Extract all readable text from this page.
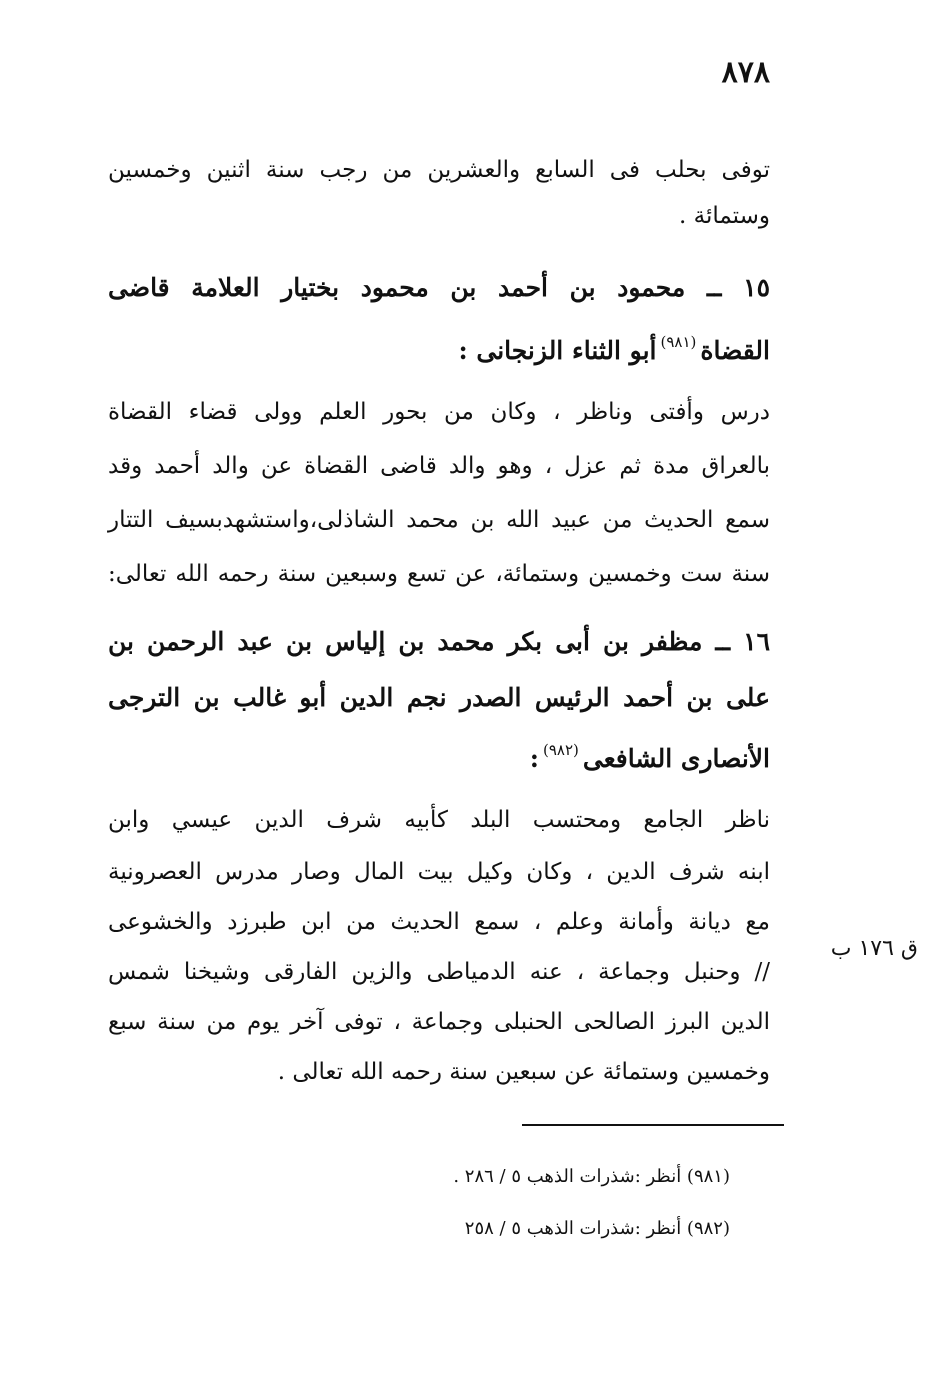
٨٧٨
توفى بحلب فى السابع والعشرين من رجب سنة اثنين وخمسين
وستمائة .
١٥ ــ محمود بن أحمد بن محمود بختيار العلامة قاضى
القضاة$^{(٩٨١)}$أبو الثناء الزنجانى :
درس وأفتى وناظر ، وكان من بحور العلم وولى قضاء القضاة
بالعراق مدة ثم عزل ، وهو والد قاضى القضاة عن والد أحمد وقد
سمع الحديث من عبيد الله بن محمد الشاذلى،واستشهدبسيف التتار
سنة ست وخمسين وستمائة، عن تسع وسبعين سنة رحمه الله تعالى:
١٦ ــ مظفر بن أبى بكر محمد بن إلياس بن عبد الرحمن بن
على بن أحمد الرئيس الصدر نجم الدين أبو غالب بن الترجى
الأنصارى الشافعى$^{(٩٨٢)}$:
ناظر الجامع ومحتسب البلد كأبيه شرف الدين عيسي وابن
ابنه شرف الدين ، وكان وكيل بيت المال وصار مدرس العصرونية
مع ديانة وأمانة وعلم ، سمع الحديث من ابن طبرزد والخشوعى
// وحنبل وجماعة ، عنه الدمياطى والزين الفارقى وشيخنا شمس
الدين البرز الصالحى الحنبلى وجماعة ، توفى آخر يوم من سنة سبع
وخمسين وستمائة عن سبعين سنة رحمه الله تعالى .
ق ١٧٦ ب
(٩٨١) أنظر :شذرات الذهب ٥ / ٢٨٦ .
(٩٨٢) أنظر :شذرات الذهب ٥ / ٢٥٨
